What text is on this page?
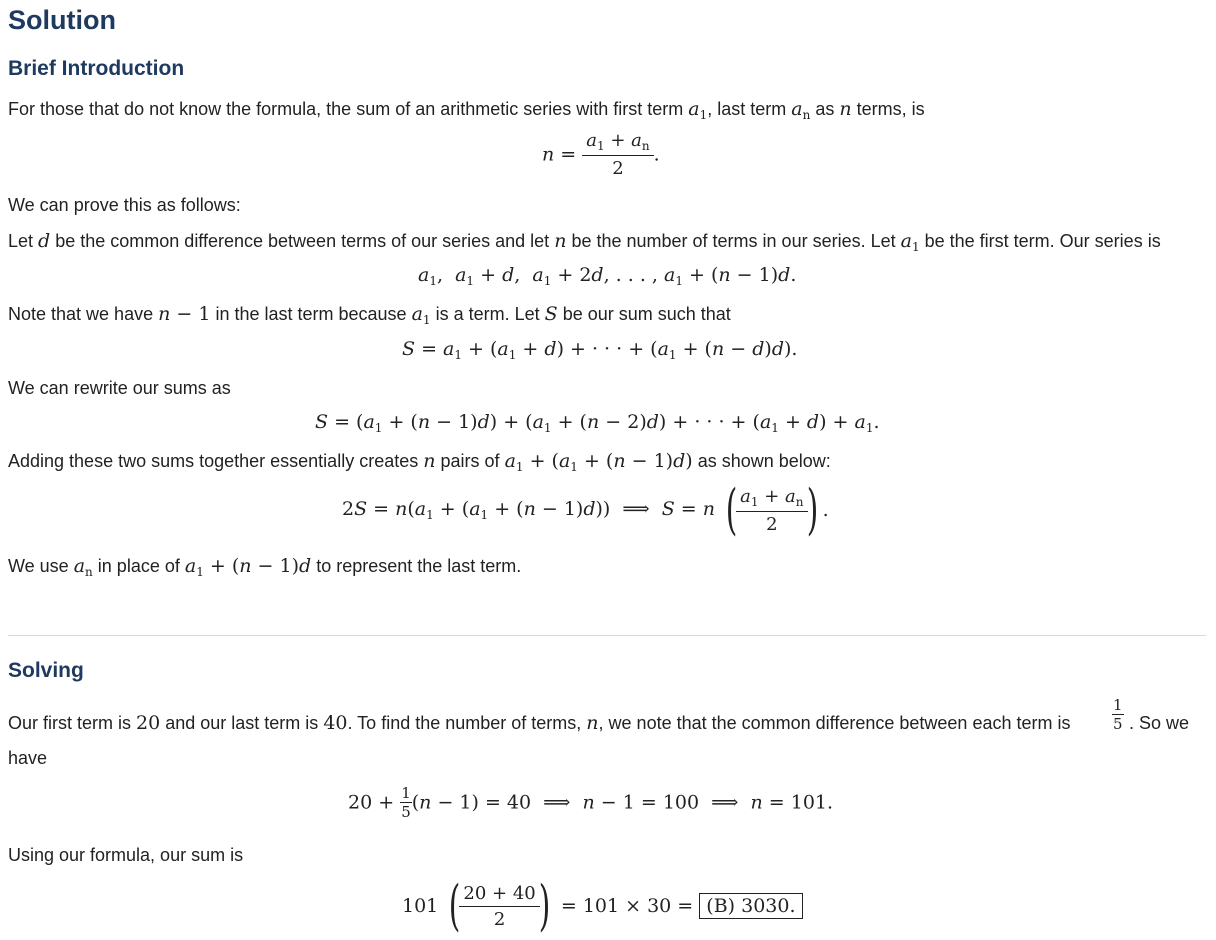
Solution
Brief Introduction
For those that do not know the formula, the sum of an arithmetic series with first term $a_1$, last term $a_n$ as n terms, is
$n = \frac{a_1 + a_n}{2}$ .
We can prove this as follows:
Let d be the common difference between terms of our series and let n be the number of terms in our series. Let $a_1$ be the first term. Our series is
$a_1$,  $a_1 + d$,  $a_1 + 2d$, . . . , $a_1 + (n - 1)d$.
Note that we have n − 1 in the last term because $a_1$ is a term. Let S be our sum such that
$S = a_1 + (a_1 + d)$ + · · · + $(a_1 + (n - d)d)$.
We can rewrite our sums as
$S = (a_1 + (n - 1)d) + (a_1 + (n - 2)d)$ + · · · + $(a_1 + d) + a_1$.
Adding these two sums together essentially creates n pairs of $a_1 + (a_1 + (n - 1)d)$ as shown below:
$2S = n(a_1 + (a_1 + (n - 1)d))$  ⟹  S = n (
$\frac{a_1 + a_n}{2}$
) .
We use $a_n$ in place of $a_1 + (n - 1)d$ to represent the last term.
Solving
Our first term is 20 and our last term is 40. To find the number of terms, n, we note that the common difference between each term is	$\frac{1}{5}$ . So we
have
$20 + \frac{1}{5} (n - 1) = 40$  ⟹  n − 1 = 100  ⟹  n = 101.
Using our formula, our sum is
101 (
$\frac{20 + 40}{2}$
) = 101 × 30 = (B) 3030.
